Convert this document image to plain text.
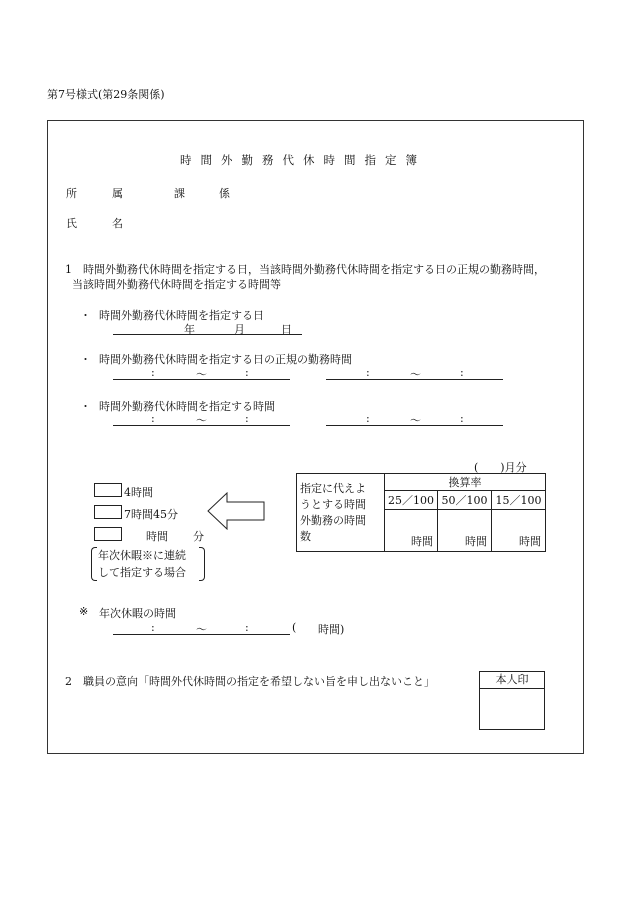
第7号様式(第29条関係)
時間外勤務代休時間指定簿
所　属	課	係
氏　名
1　時間外勤務代休時間を指定する日，当該時間外勤務代休時間を指定する日の正規の勤務時間，
当該時間外勤務代休時間を指定する時間等
・ 時間外勤務代休時間を指定する日
年	月	日
・ 時間外勤務代休時間を指定する日の正規の勤務時間
:	～	:	:	～	:
・ 時間外勤務代休時間を指定する時間
:	～	:	:	～	:
(　　)月分
4時間
7時間45分
時間 分
年次休暇※に連続
して指定する場合
指定に代えよ
うとする時間
外勤務の時間
数	換算率		
	25／100	50／100	15／100
	時間	時間	時間
※ 年次休暇の時間
:	～	:	( 時間)
2　職員の意向「時間外代休時間の指定を希望しない旨を申し出ないこと」	本人印
